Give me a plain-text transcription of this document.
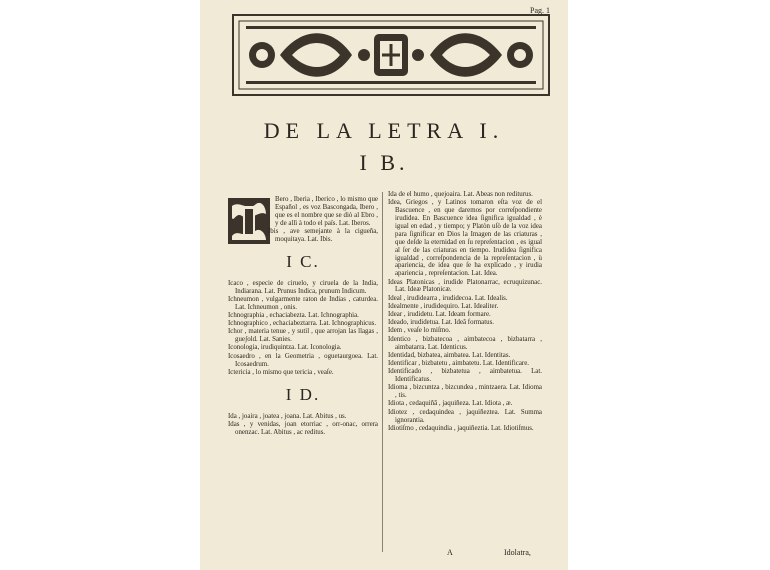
Pag. 1
DE LA LETRA I.
I B.

Bero , Iberia , Iberico , lo mismo que Español , es voz Bascongada, Ibero , que es el nombre que se diò al Ebro , y de allì à todo el païs. Lat. Iberos.

Ibis , ave semejante à la cigueña, moquitaya. Lat. Ibis.

I C.

Icaco , especie de ciruelo, y ciruela de la India, Indiarana. Lat. Prunus Indica, prunum Indicum.

Ichneumon , vulgarmente raton de Indias , caturdea. Lat. Ichneumon , onis.

Ichnographia , echaciabezta. Lat. Ichnographia.

Ichnographico , echaciabeztarra. Lat. Ichnographicus.

Ichor , materia tenue , y sutil , que arrojan las llagas , gueʃold. Lat. Sanies.

Iconologia, irudiquintza. Lat. Iconologia.

Icosaedro , en la Geometria , oguetaurgoea. Lat. Icosaedrum.

Ictericia , lo mismo que tericia , veaſe.

I D.

Ida , joaira , joatea , joana. Lat. Abitus , us.

Idas , y venidas, joan etorriac , orr-onac, orrera onenzac. Lat. Abitus , ac reditus.

Ida de el humo , quejoaira. Lat. Abeas non rediturus.

Idea, Griegos , y Latinos tomaron eſta voz de el Bascuence , en que daremos por correſpondiente irudidea. En Bascuence idea ſignifica igualdad , è igual en edad , y tiempo; y Platòn uſò de la voz idea para ſignificar en Dios la Imagen de las criaturas , que deſde la eternidad en ſu repreſentacion , es igual al ſer de las criaturas en tiempo. Irudidea ſignifica igualdad , correſpondencia de la repreſentacion , ù apariencia, de idea que ſe ha explicado , y irudia apariencia , repreſentacion. Lat. Idea.

Ideas Platonicas , irudide Platonarrac, ecruquizunac. Lat. Ideæ Platonicæ.

Ideal , irudidearra , irudidecoa. Lat. Idealis.

Idealmente , irudidequiro. Lat. Idealiter.

Idear , irudidetu. Lat. Ideam formare.

Ideado, irudidetua. Lat. Ideâ formatus.

Idem , veaſe lo miſmo.

Identico , bizbatecoa , aimbatecoa , bizbatarra , aimbatarra. Lat. Identicus.

Identidad, bizbatea, aimbatea. Lat. Identitas.

Identificar , bizbatetu , aimbatetu. Lat. Identificare.

Identificado , bizbatetua , aimbatetua. Lat. Identificatus.

Idioma , bizcuntza , bizcundea , mintzaera. Lat. Idioma , tis.

Idiota , cedaquiñā , jaquiñeza. Lat. Idiota , æ.

Idiotez , cedaquindea , jaquiñeztea. Lat. Summa ignorantia.

Idiotiſmo , cedaquindia , jaquiñeztia. Lat. Idiotiſmus.

A	Idolatra,
